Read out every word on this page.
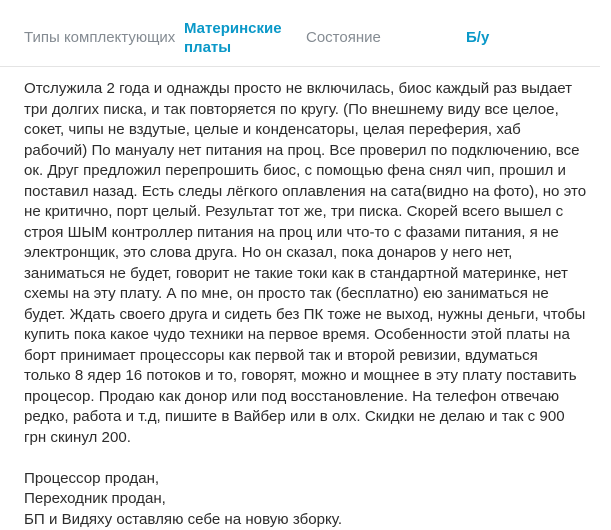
Типы комплектующих
Материнские платы
Состояние	Б/у

Отслужила 2 года и однажды просто не включилась, биос каждый раз выдает три долгих писка, и так повторяется по кругу. (По внешнему виду все целое, сокет, чипы не вздутые, целые и конденсаторы, целая переферия, хаб рабочий) По мануалу нет питания на проц. Все проверил по подключению, все ок. Друг предложил перепрошить биос, с помощью фена снял чип, прошил и поставил назад. Есть следы лёгкого оплавления на сата(видно на фото), но это не критично, порт целый. Результат тот же, три писка. Скорей всего вышел с строя ШЫМ контроллер питания на проц или что-то с фазами питания, я не электронщик, это слова друга. Но он сказал, пока донаров у него нет, заниматься не будет, говорит не такие токи как в стандартной материнке, нет схемы на эту плату. А по мне, он просто так (бесплатно) ею заниматься не будет. Ждать своего друга и сидеть без ПК тоже не выход, нужны деньги, чтобы купить пока какое чудо техники на первое время. Особенности этой платы на борт принимает процессоры как первой так и второй ревизии, вдуматься только 8 ядер 16 потоков и то, говорят, можно и мощнее в эту плату поставить процесор. Продаю как донор или под восстановление. На телефон отвечаю редко, работа и т.д, пишите в Вайбер или в олх. Скидки не делаю и так с 900 грн скинул 200.

Процессор продан,
Переходник продан,
БП и Видяху оставляю себе на новую зборку.
